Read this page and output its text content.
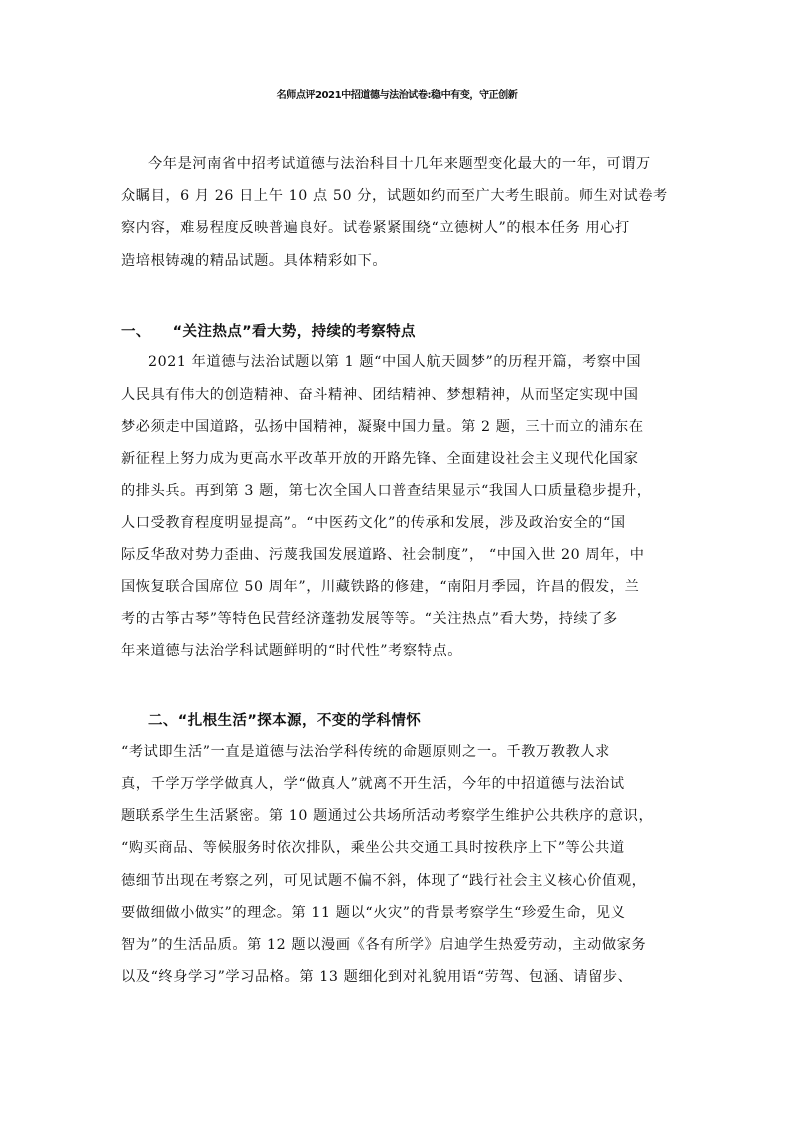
名师点评2021中招道德与法治试卷:稳中有变，守正创新
今年是河南省中招考试道德与法治科目十几年来题型变化最大的一年，可谓万
众瞩目，6 月 26 日上午 10 点 50 分，试题如约而至广大考生眼前。师生对试卷考
察内容，难易程度反映普遍良好。试卷紧紧围绕“立德树人”的根本任务 用心打
造培根铸魂的精品试题。具体精彩如下。
一、    “关注热点”看大势，持续的考察特点
2021 年道德与法治试题以第 1 题“中国人航天圆梦”的历程开篇，考察中国
人民具有伟大的创造精神、奋斗精神、团结精神、梦想精神，从而坚定实现中国
梦必须走中国道路，弘扬中国精神，凝聚中国力量。第 2 题，三十而立的浦东在
新征程上努力成为更高水平改革开放的开路先锋、全面建设社会主义现代化国家
的排头兵。再到第 3 题，第七次全国人口普查结果显示“我国人口质量稳步提升，
人口受教育程度明显提高”。“中医药文化”的传承和发展，涉及政治安全的“国
际反华敌对势力歪曲、污蔑我国发展道路、社会制度”， “中国入世 20 周年，中
国恢复联合国席位 50 周年”，川藏铁路的修建，“南阳月季园，许昌的假发，兰
考的古筝古琴”等特色民营经济蓬勃发展等等。“关注热点”看大势，持续了多
年来道德与法治学科试题鲜明的“时代性”考察特点。
二、“扎根生活”探本源，不变的学科情怀
“考试即生活”一直是道德与法治学科传统的命题原则之一。千教万教教人求
真，千学万学学做真人，学“做真人”就离不开生活，今年的中招道德与法治试
题联系学生生活紧密。第 10 题通过公共场所活动考察学生维护公共秩序的意识，
“购买商品、等候服务时依次排队，乘坐公共交通工具时按秩序上下”等公共道
德细节出现在考察之列，可见试题不偏不斜，体现了“践行社会主义核心价值观，
要做细做小做实”的理念。第 11 题以“火灾”的背景考察学生“珍爱生命，见义
智为”的生活品质。第 12 题以漫画《各有所学》启迪学生热爱劳动，主动做家务
以及“终身学习”学习品格。第 13 题细化到对礼貌用语“劳驾、包涵、请留步、
